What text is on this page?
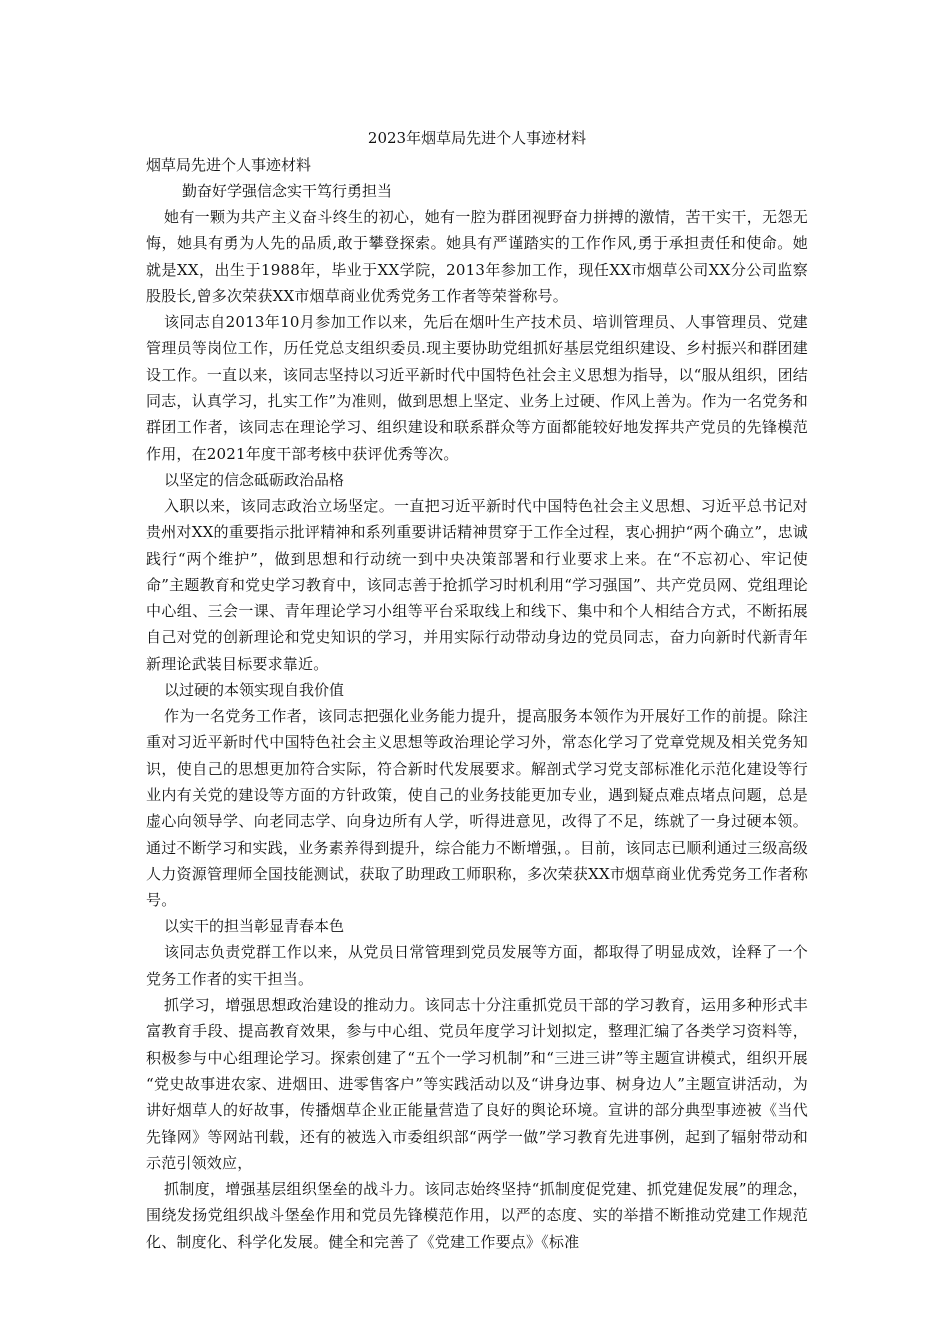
2023年烟草局先进个人事迹材料

烟草局先进个人事迹材料

勤奋好学强信念实干笃行勇担当

她有一颗为共产主义奋斗终生的初心，她有一腔为群团视野奋力拼搏的激情，苦干实干，无怨无悔，她具有勇为人先的品质,敢于攀登探索。她具有严谨踏实的工作作风,勇于承担责任和使命。她就是XX，出生于1988年，毕业于XX学院，2013年参加工作，现任XX市烟草公司XX分公司监察股股长,曾多次荣获XX市烟草商业优秀党务工作者等荣誉称号。

该同志自2013年10月参加工作以来，先后在烟叶生产技术员、培训管理员、人事管理员、党建管理员等岗位工作，历任党总支组织委员.现主要协助党组抓好基层党组织建设、乡村振兴和群团建设工作。一直以来，该同志坚持以习近平新时代中国特色社会主义思想为指导，以“服从组织，团结同志，认真学习，扎实工作”为准则，做到思想上坚定、业务上过硬、作风上善为。作为一名党务和群团工作者，该同志在理论学习、组织建设和联系群众等方面都能较好地发挥共产党员的先锋模范作用，在2021年度干部考核中获评优秀等次。

以坚定的信念砥砺政治品格

入职以来，该同志政治立场坚定。一直把习近平新时代中国特色社会主义思想、习近平总书记对贵州对XX的重要指示批评精神和系列重要讲话精神贯穿于工作全过程，衷心拥护“两个确立”，忠诚践行“两个维护”，做到思想和行动统一到中央决策部署和行业要求上来。在“不忘初心、牢记使命”主题教育和党史学习教育中，该同志善于抢抓学习时机利用“学习强国”、共产党员网、党组理论中心组、三会一课、青年理论学习小组等平台采取线上和线下、集中和个人相结合方式，不断拓展自己对党的创新理论和党史知识的学习，并用实际行动带动身边的党员同志，奋力向新时代新青年新理论武装目标要求靠近。

以过硬的本领实现自我价值

作为一名党务工作者，该同志把强化业务能力提升，提高服务本领作为开展好工作的前提。除注重对习近平新时代中国特色社会主义思想等政治理论学习外，常态化学习了党章党规及相关党务知识，使自己的思想更加符合实际，符合新时代发展要求。解剖式学习党支部标准化示范化建设等行业内有关党的建设等方面的方针政策，使自己的业务技能更加专业，遇到疑点难点堵点问题，总是虚心向领导学、向老同志学、向身边所有人学，听得进意见，改得了不足，练就了一身过硬本领。通过不断学习和实践，业务素养得到提升，综合能力不断增强，。目前，该同志已顺利通过三级高级人力资源管理师全国技能测试，获取了助理政工师职称，多次荣获XX市烟草商业优秀党务工作者称号。

以实干的担当彰显青春本色

该同志负责党群工作以来，从党员日常管理到党员发展等方面，都取得了明显成效，诠释了一个党务工作者的实干担当。

抓学习，增强思想政治建设的推动力。该同志十分注重抓党员干部的学习教育，运用多种形式丰富教育手段、提高教育效果，参与中心组、党员年度学习计划拟定，整理汇编了各类学习资料等，积极参与中心组理论学习。探索创建了“五个一学习机制”和“三进三讲”等主题宣讲模式，组织开展 “党史故事进农家、进烟田、进零售客户”等实践活动以及“讲身边事、树身边人”主题宣讲活动，为讲好烟草人的好故事，传播烟草企业正能量营造了良好的舆论环境。宣讲的部分典型事迹被《当代先锋网》等网站刊载，还有的被选入市委组织部“两学一做”学习教育先进事例，起到了辐射带动和示范引领效应，

抓制度，增强基层组织堡垒的战斗力。该同志始终坚持“抓制度促党建、抓党建促发展”的理念，围绕发扬党组织战斗堡垒作用和党员先锋模范作用，以严的态度、实的举措不断推动党建工作规范化、制度化、科学化发展。健全和完善了《党建工作要点》《标准
